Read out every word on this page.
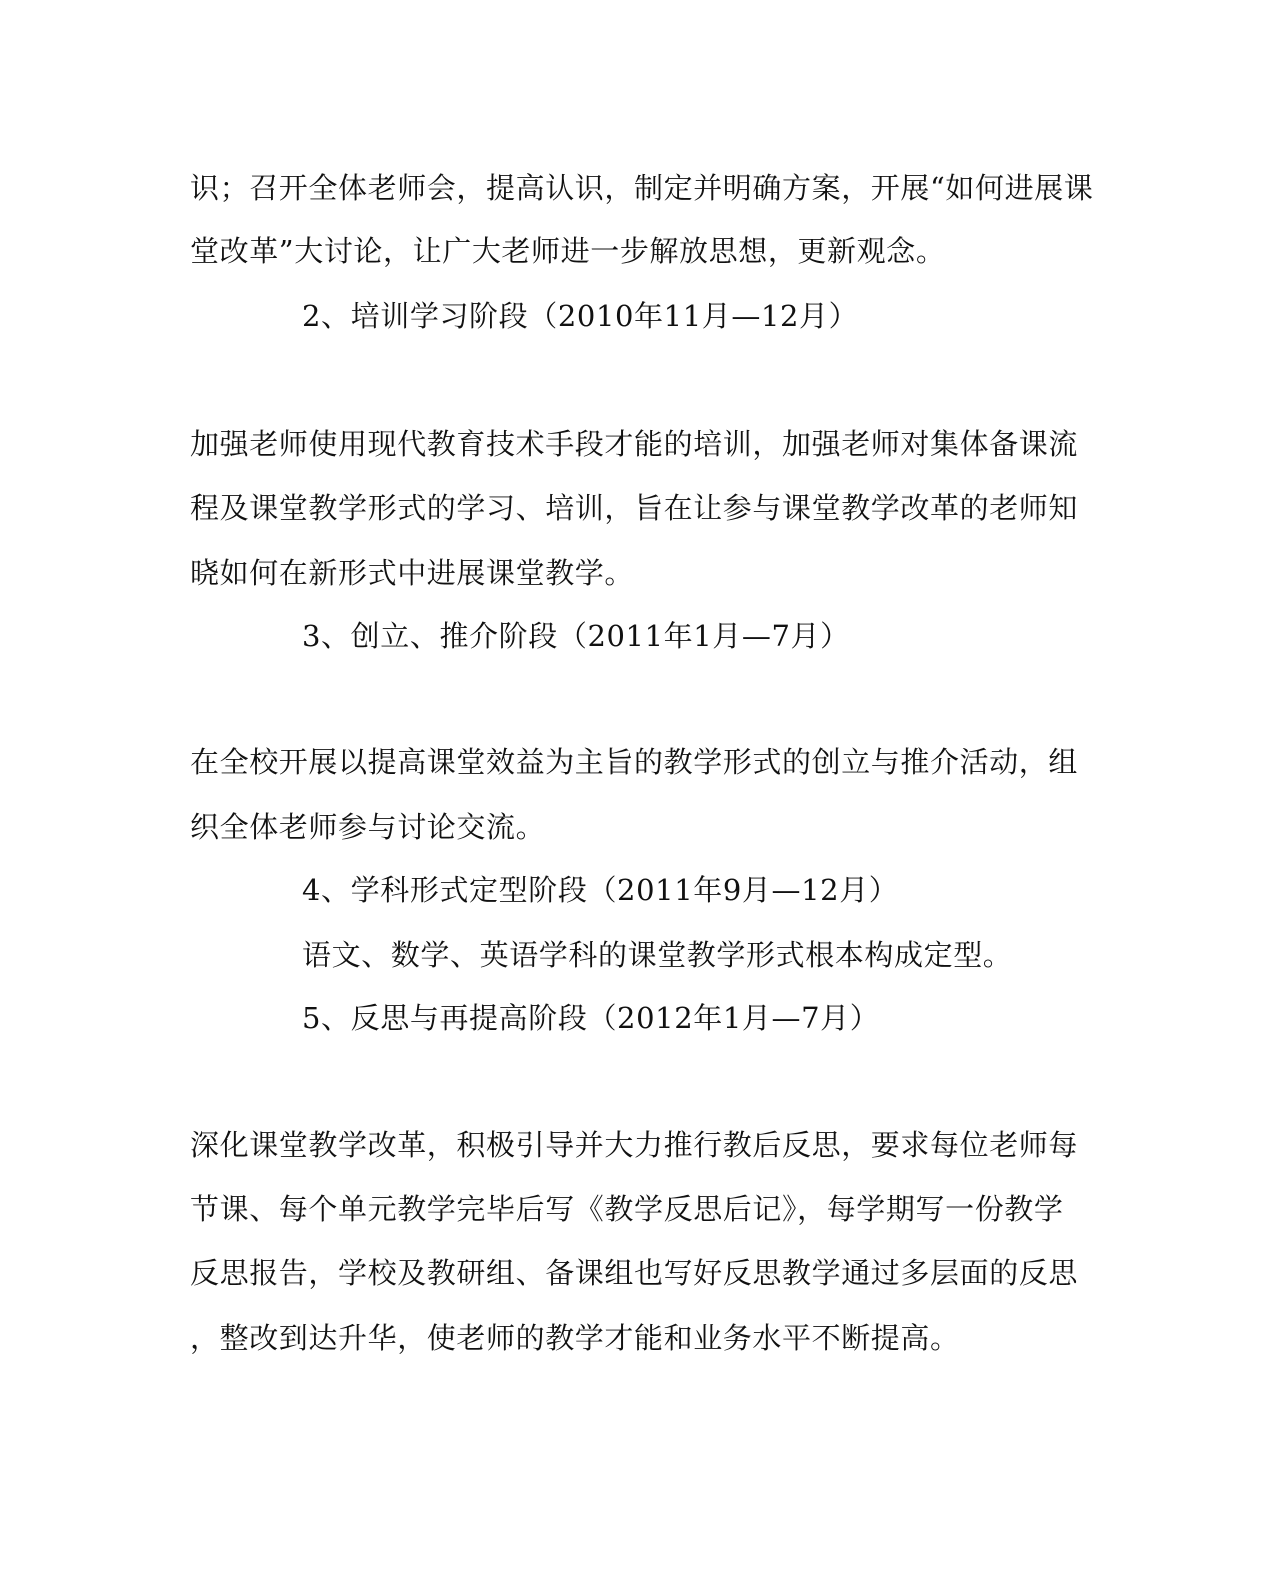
识；召开全体老师会，提高认识，制定并明确方案，开展“如何进展课
堂改革”大讨论，让广大老师进一步解放思想，更新观念。
2、培训学习阶段（2010年11月—12月）
加强老师使用现代教育技术手段才能的培训，加强老师对集体备课流
程及课堂教学形式的学习、培训，旨在让参与课堂教学改革的老师知
晓如何在新形式中进展课堂教学。
3、创立、推介阶段（2011年1月—7月）
在全校开展以提高课堂效益为主旨的教学形式的创立与推介活动，组
织全体老师参与讨论交流。
4、学科形式定型阶段（2011年9月—12月）
语文、数学、英语学科的课堂教学形式根本构成定型。
5、反思与再提高阶段（2012年1月—7月）
深化课堂教学改革，积极引导并大力推行教后反思，要求每位老师每
节课、每个单元教学完毕后写《教学反思后记》，每学期写一份教学
反思报告，学校及教研组、备课组也写好反思教学通过多层面的反思
，整改到达升华，使老师的教学才能和业务水平不断提高。
